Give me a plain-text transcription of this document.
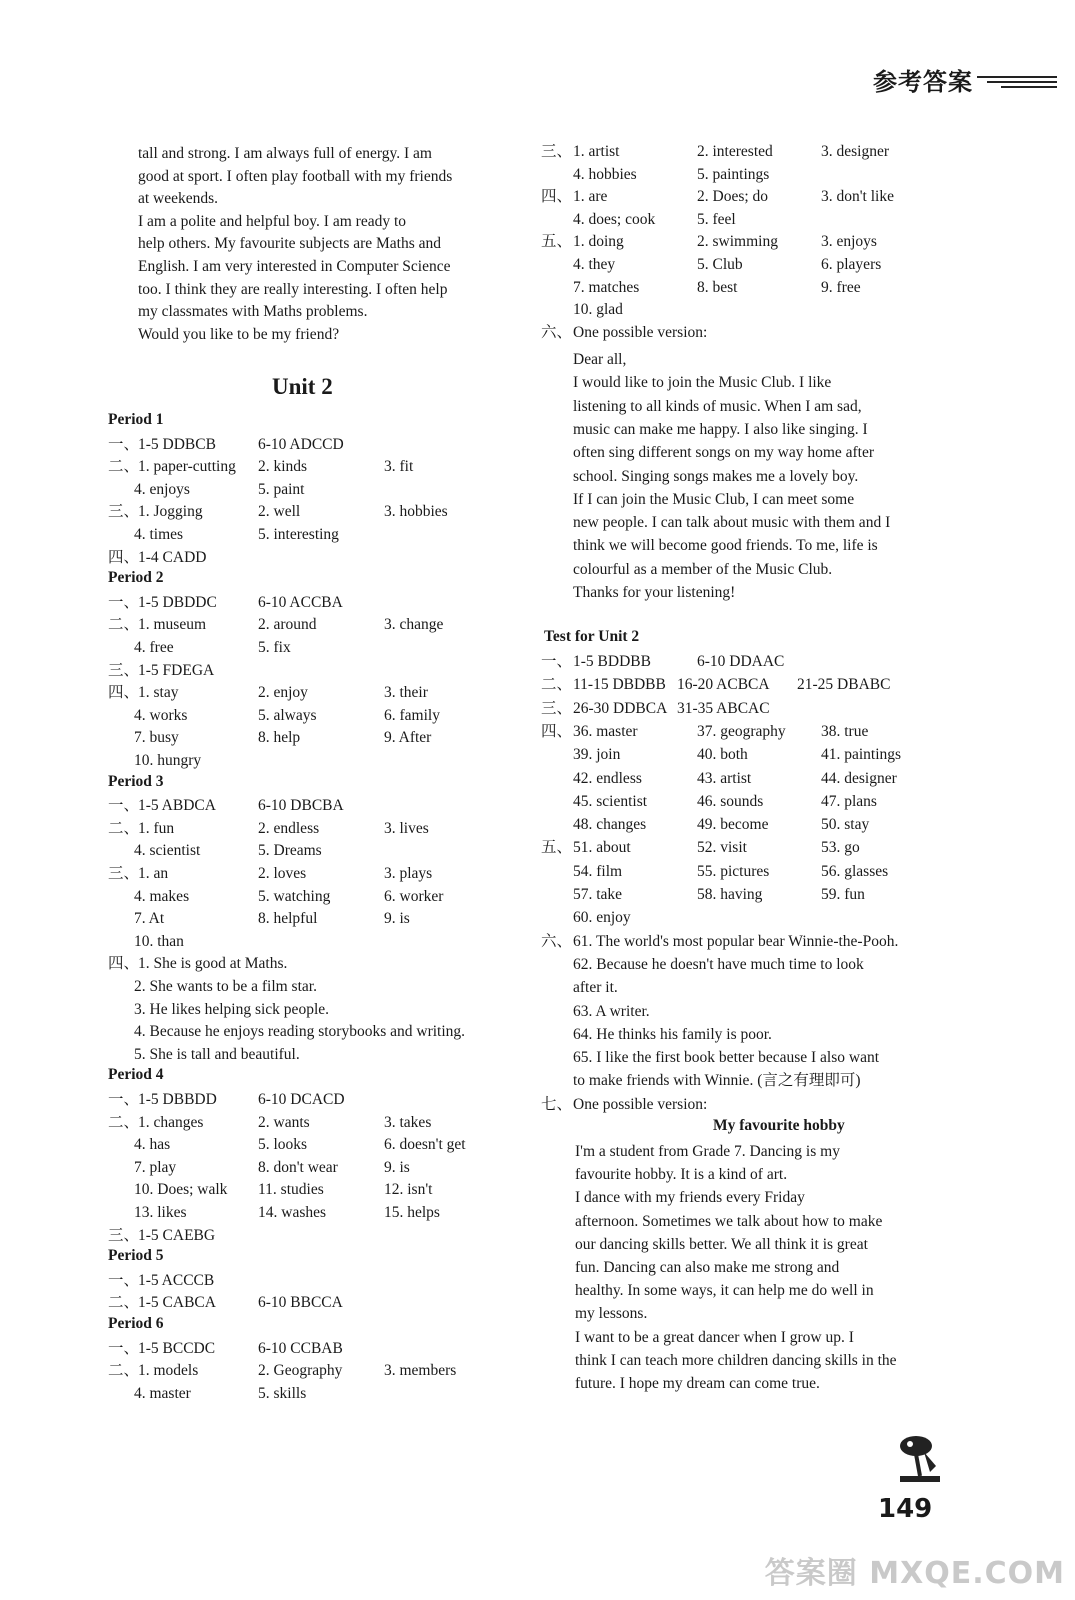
参考答案
tall and strong. I am always full of energy. I am
good at sport. I often play football with my friends
at weekends.
I am a polite and helpful boy. I am ready to
help others. My favourite subjects are Maths and
English. I am very interested in Computer Science
too. I think they are really interesting. I often help
my classmates with Maths problems.
Would you like to be my friend?
Unit 2
Period 1
一、
1-5 DDBCB	6-10 ADCCD
二、
1. paper-cutting 2. kinds	3. fit
4. enjoys	5. paint
三、
1. Jogging	2. well	3. hobbies
4. times	5. interesting
四、
1-4 CADD
Period 2
一、
1-5 DBDDC	6-10 ACCBA
二、
1. museum	2. around	3. change
4. free	5. fix
三、
1-5 FDEGA
四、
1. stay	2. enjoy	3. their
4. works	5. always	6. family
7. busy	8. help	9. After
10. hungry
Period 3
一、
1-5 ABDCA	6-10 DBCBA
二、
1. fun	2. endless	3. lives
4. scientist	5. Dreams
三、
1. an	2. loves	3. plays
4. makes	5. watching	6. worker
7. At	8. helpful	9. is
10. than
四、
1. She is good at Maths.
2. She wants to be a film star.
3. He likes helping sick people.
4. Because he enjoys reading storybooks and writing.
5. She is tall and beautiful.
Period 4
一、
1-5 DBBDD	6-10 DCACD
二、
1. changes	2. wants	3. takes
4. has	5. looks	6. doesn't get
7. play	8. don't wear	9. is
10. Does; walk 11. studies	12. isn't
13. likes	14. washes	15. helps
三、
1-5 CAEBG
Period 5
一、
1-5 ACCCB
二、
1-5 CABCA	6-10 BBCCA
Period 6
一、
1-5 BCCDC	6-10 CCBAB
二、
1. models	2. Geography	3. members
4. master	5. skills
三、 1. artist	2. interested	3. designer
4. hobbies	5. paintings
四、 1. are	2. Does; do	3. don't like
4. does; cook	5. feel
五、 1. doing	2. swimming	3. enjoys
4. they	5. Club	6. players
7. matches	8. best	9. free
10. glad
六、 One possible version:
Dear all,
I would like to join the Music Club. I like
listening to all kinds of music. When I am sad,
music can make me happy. I also like singing. I
often sing different songs on my way home after
school. Singing songs makes me a lovely boy.
If I can join the Music Club, I can meet some
new people. I can talk about music with them and I
think we will become good friends. To me, life is
colourful as a member of the Music Club.
Thanks for your listening!
Test for Unit 2
一、 1-5 BDDBB	6-10 DDAAC
二、 11-15 DBDBB 16-20 ACBCA 21-25 DBABC
三、 26-30 DDBCA 31-35 ABCAC
四、 36. master	37. geography 38. true
39. join	40. both	41. paintings
42. endless	43. artist	44. designer
45. scientist	46. sounds	47. plans
48. changes	49. become	50. stay
五、 51. about	52. visit	53. go
54. film	55. pictures	56. glasses
57. take	58. having	59. fun
60. enjoy
六、 61. The world's most popular bear Winnie-the-Pooh.
62. Because he doesn't have much time to look
after it.
63. A writer.
64. He thinks his family is poor.
65. I like the first book better because I also want
to make friends with Winnie. (言之有理即可)
七、 One possible version:
My favourite hobby
I'm a student from Grade 7. Dancing is my
favourite hobby. It is a kind of art.
I dance with my friends every Friday
afternoon. Sometimes we talk about how to make
our dancing skills better. We all think it is great
fun. Dancing can also make me strong and
healthy. In some ways, it can help me do well in
my lessons.
I want to be a great dancer when I grow up. I
think I can teach more children dancing skills in the
future. I hope my dream can come true.
149
答案圈 MXQE.COM
